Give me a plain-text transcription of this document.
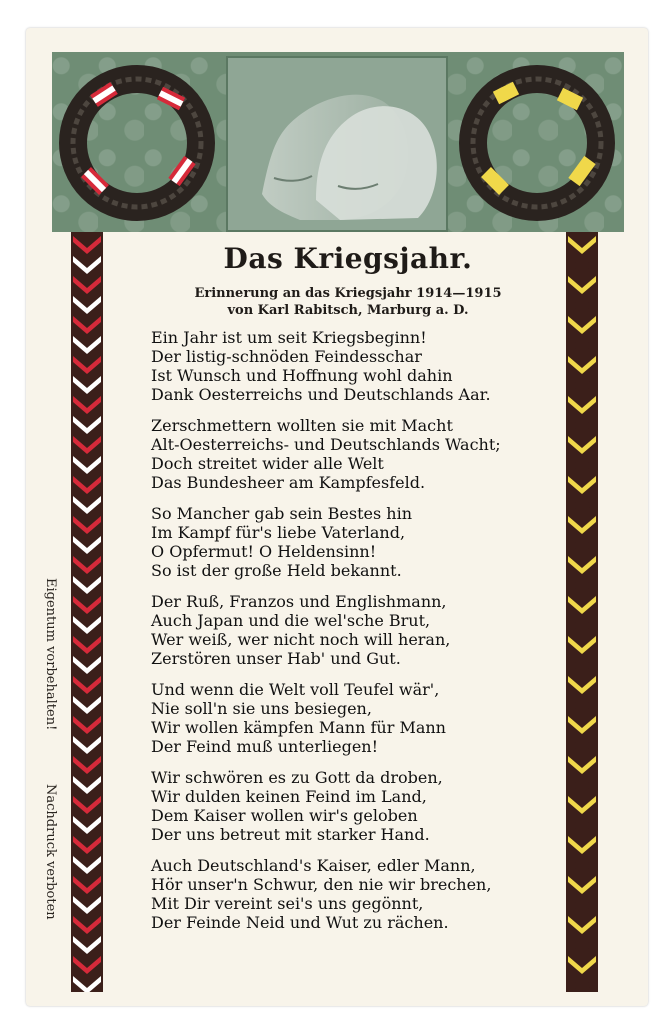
Das Kriegsjahr.
Erinnerung an das Kriegsjahr 1914—1915
von Karl Rabitsch, Marburg a. D.
Ein Jahr ist um seit Kriegsbeginn!
Der listig-schnöden Feindesschar
Ist Wunsch und Hoffnung wohl dahin
Dank Oesterreichs und Deutschlands Aar.
Zerschmettern wollten sie mit Macht
Alt-Oesterreichs- und Deutschlands Wacht;
Doch streitet wider alle Welt
Das Bundesheer am Kampfesfeld.
So Mancher gab sein Bestes hin
Im Kampf für's liebe Vaterland,
O Opfermut! O Heldensinn!
So ist der große Held bekannt.
Der Ruß, Franzos und Englishmann,
Auch Japan und die wel'sche Brut,
Wer weiß, wer nicht noch will heran,
Zerstören unser Hab' und Gut.
Und wenn die Welt voll Teufel wär',
Nie soll'n sie uns besiegen,
Wir wollen kämpfen Mann für Mann
Der Feind muß unterliegen!
Wir schwören es zu Gott da droben,
Wir dulden keinen Feind im Land,
Dem Kaiser wollen wir's geloben
Der uns betreut mit starker Hand.
Auch Deutschland's Kaiser, edler Mann,
Hör unser'n Schwur, den nie wir brechen,
Mit Dir vereint sei's uns gegönnt,
Der Feinde Neid und Wut zu rächen.
Eigentum vorbehalten!
Nachdruck verboten
